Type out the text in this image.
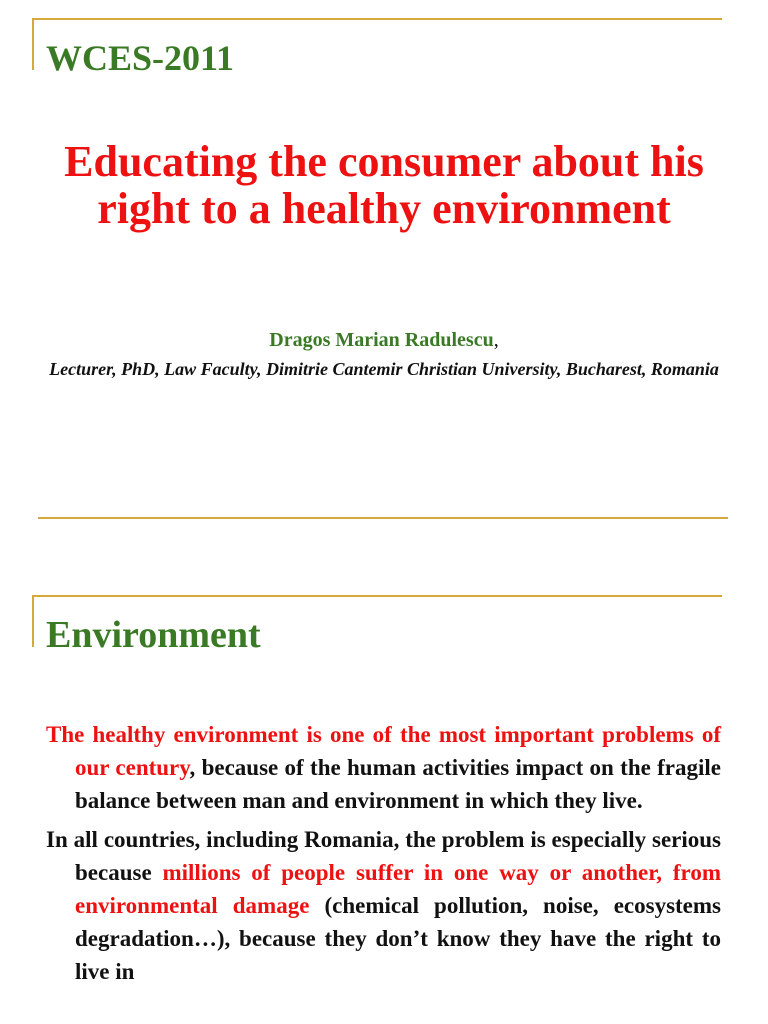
WCES-2011
Educating the consumer about his right to a healthy environment
Dragos Marian Radulescu,
Lecturer, PhD, Law Faculty, Dimitrie Cantemir Christian University, Bucharest, Romania
Environment

The healthy environment is one of the most important problems of our century, because of the human activities impact on the fragile balance between man and environment in which they live.

In all countries, including Romania, the problem is especially serious because millions of people suffer in one way or another, from environmental damage (chemical pollution, noise, ecosystems degradation…), because they don’t know they have the right to live in
